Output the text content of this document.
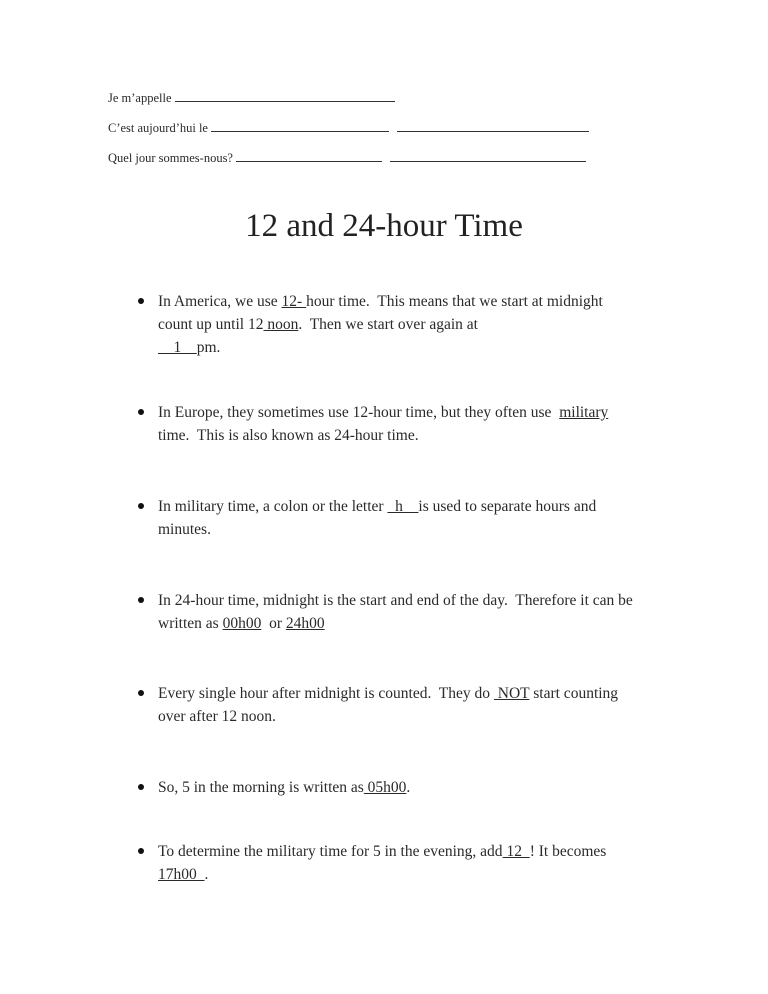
Je m’appelle
C’est aujourd’hui le
Quel jour sommes-nous?
12 and 24-hour Time
In America, we use 12- hour time.  This means that we start at midnight
count up until 12 noon.  Then we start over again at
1    pm.
In Europe, they sometimes use 12-hour time, but they often use  military
time.  This is also known as 24-hour time.
In military time, a colon or the letter   h    is used to separate hours and
minutes.
In 24-hour time, midnight is the start and end of the day.  Therefore it can be
written as 00h00  or 24h00
Every single hour after midnight is counted.  They do  NOT start counting
over after 12 noon.
So, 5 in the morning is written as 05h00.
To determine the military time for 5 in the evening, add 12  ! It becomes
17h00  .
